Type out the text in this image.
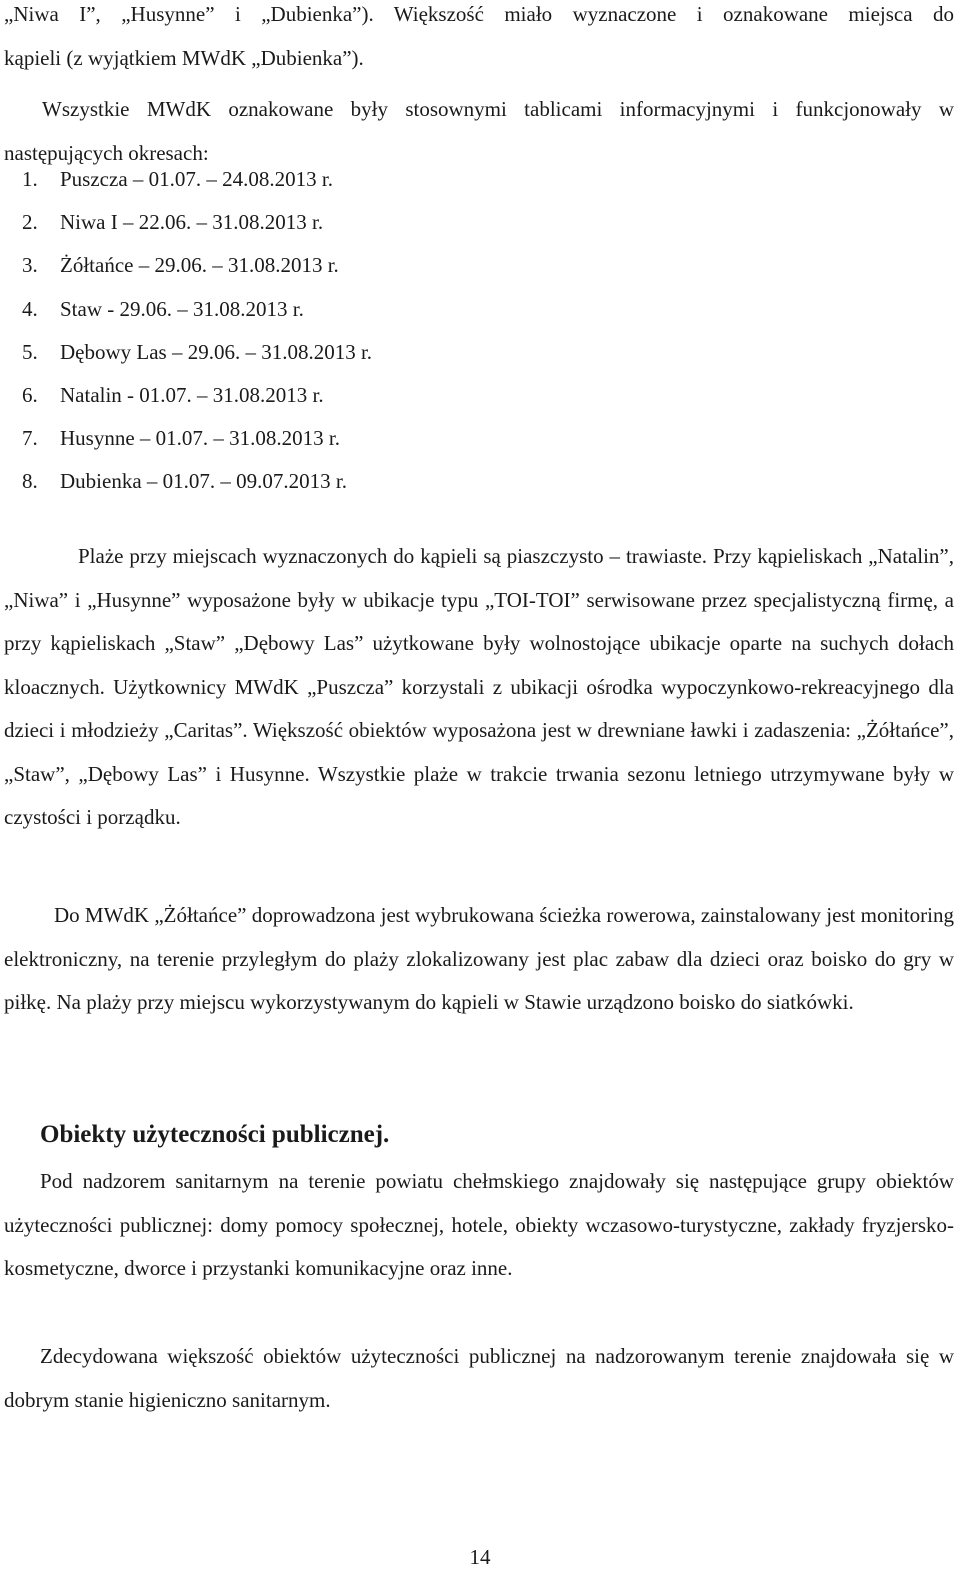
„Niwa I”, „Husynne” i „Dubienka”). Większość miało wyznaczone i oznakowane miejsca do
kąpieli (z wyjątkiem MWdK „Dubienka”).

Wszystkie MWdK oznakowane były stosownymi tablicami informacyjnymi i funkcjonowały w następujących okresach:

1. Puszcza – 01.07. – 24.08.2013 r.
2. Niwa I – 22.06. – 31.08.2013 r.
3. Żółtańce – 29.06. – 31.08.2013 r.
4. Staw - 29.06. – 31.08.2013 r.
5. Dębowy Las – 29.06. – 31.08.2013 r.
6. Natalin - 01.07. – 31.08.2013 r.
7. Husynne – 01.07. – 31.08.2013 r.
8. Dubienka – 01.07. – 09.07.2013 r.

Plaże przy miejscach wyznaczonych do kąpieli są piaszczysto – trawiaste. Przy kąpieliskach „Natalin”, „Niwa” i „Husynne” wyposażone były w ubikacje typu „TOI-TOI” serwisowane przez specjalistyczną firmę, a przy kąpieliskach „Staw” „Dębowy Las” użytkowane były wolnostojące ubikacje oparte na suchych dołach kloacznych. Użytkownicy MWdK „Puszcza” korzystali z ubikacji ośrodka wypoczynkowo-rekreacyjnego dla dzieci i młodzieży „Caritas”. Większość obiektów wyposażona jest w drewniane ławki i zadaszenia: „Żółtańce”, „Staw”, „Dębowy Las” i Husynne. Wszystkie plaże w trakcie trwania sezonu letniego utrzymywane były w czystości i porządku.

Do MWdK „Żółtańce” doprowadzona jest wybrukowana ścieżka rowerowa, zainstalowany jest monitoring elektroniczny, na terenie przyległym do plaży zlokalizowany jest plac zabaw dla dzieci oraz boisko do gry w piłkę. Na plaży przy miejscu wykorzystywanym do kąpieli w Stawie urządzono boisko do siatkówki.

Obiekty użyteczności publicznej.

Pod nadzorem sanitarnym na terenie powiatu chełmskiego znajdowały się następujące grupy obiektów użyteczności publicznej: domy pomocy społecznej, hotele, obiekty wczasowo-turystyczne, zakłady fryzjersko-kosmetyczne, dworce i przystanki komunikacyjne oraz inne.

Zdecydowana większość obiektów użyteczności publicznej na nadzorowanym terenie znajdowała się w dobrym stanie higieniczno sanitarnym.

14
